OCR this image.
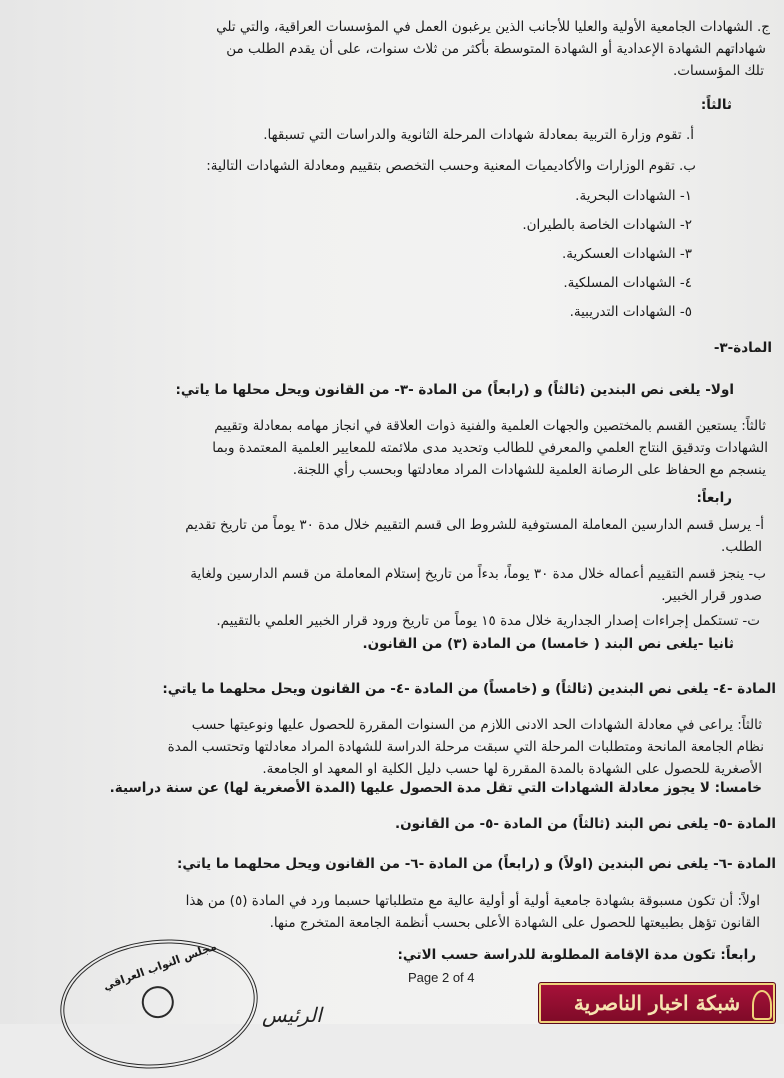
ج. الشهادات الجامعية الأولية والعليا للأجانب الذين يرغبون العمل في المؤسسات العراقية، والتي تلي
شهاداتهم الشهادة الإعدادية أو الشهادة المتوسطة بأكثر من ثلاث سنوات، على أن يقدم الطلب من
تلك المؤسسات.
ثالثاً:
أ. تقوم وزارة التربية بمعادلة شهادات المرحلة الثانوية والدراسات التي تسبقها.
ب. تقوم الوزارات والأكاديميات المعنية وحسب التخصص بتقييم ومعادلة الشهادات التالية:
١- الشهادات البحرية.
٢- الشهادات الخاصة بالطيران.
٣- الشهادات العسكرية.
٤- الشهادات المسلكية.
٥- الشهادات التدريبية.
المادة-٣-
اولا- يلغى نص البندين (ثالثاً) و (رابعاً) من المادة -٣- من القانون ويحل محلها ما ياتي:
ثالثاً: يستعين القسم بالمختصين والجهات العلمية والفنية ذوات العلاقة في انجاز مهامه بمعادلة وتقييم
الشهادات وتدقيق النتاج العلمي والمعرفي للطالب وتحديد مدى ملائمته للمعايير العلمية المعتمدة وبما
ينسجم مع الحفاظ على الرصانة العلمية للشهادات المراد معادلتها وبحسب رأي اللجنة.
رابعاً:
أ- يرسل قسم الدارسين المعاملة المستوفية للشروط الى قسم التقييم خلال مدة ٣٠ يوماً من تاريخ تقديم
الطلب.
ب- ينجز قسم التقييم أعماله خلال مدة ٣٠ يوماً، بدءاً من تاريخ إستلام المعاملة من قسم الدارسين ولغاية
صدور قرار الخبير.
ت- تستكمل إجراءات إصدار الجدارية خلال مدة ١٥ يوماً من تاريخ ورود قرار الخبير العلمي بالتقييم.
ثانيا -يلغى نص البند ( خامسا) من المادة (٣) من القانون.
المادة -٤- يلغى نص البندين (ثالثاً) و (خامساً) من المادة -٤- من القانون ويحل محلهما ما ياتي:
ثالثاً: يراعى في معادلة الشهادات الحد الادنى اللازم من السنوات المقررة للحصول عليها ونوعيتها حسب
نظام الجامعة المانحة ومتطلبات المرحلة التي سبقت مرحلة الدراسة للشهادة المراد معادلتها وتحتسب المدة
الأصغرية للحصول على الشهادة بالمدة المقررة لها حسب دليل الكلية او المعهد او الجامعة.
خامسا: لا يجوز معادلة الشهادات التي تقل مدة الحصول عليها (المدة الأصغرية لها) عن سنة دراسية.
المادة -٥- يلغى نص البند (ثالثاً) من المادة -٥- من القانون.
المادة -٦- يلغى نص البندين (اولاً) و (رابعاً) من المادة -٦- من القانون ويحل محلهما ما ياتي:
اولاً: أن تكون مسبوقة بشهادة جامعية أولية أو أولية عالية مع متطلباتها حسبما ورد في المادة (٥) من هذا
القانون تؤهل بطبيعتها للحصول على الشهادة الأعلى بحسب أنظمة الجامعة المتخرج منها.
رابعاً: تكون مدة الإقامة المطلوبة للدراسة حسب الاتي:
Page 2 of 4
مجلس النواب العراقي
الرئيس	شبكة اخبار الناصرية
